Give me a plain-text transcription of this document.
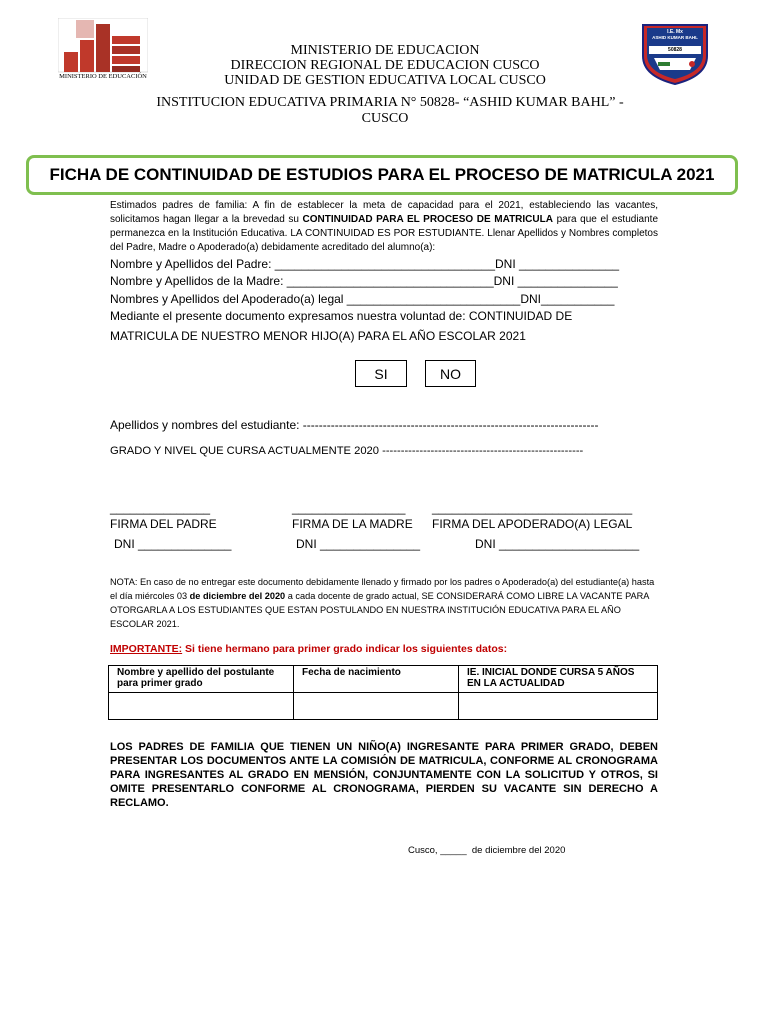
MINISTERIO DE EDUCACIÓN
MINISTERIO DE EDUCACION
DIRECCION REGIONAL DE EDUCACION CUSCO
UNIDAD DE GESTION EDUCATIVA LOCAL CUSCO
INSTITUCION EDUCATIVA PRIMARIA N° 50828- “ASHID KUMAR BAHL” -
CUSCO
I.E. Mx
ASHID KUMAR BAHL
50828
FICHA DE CONTINUIDAD DE ESTUDIOS PARA EL PROCESO DE MATRICULA 2021
Estimados padres de familia: A fin de establecer la meta de capacidad para el 2021, estableciendo las vacantes, solicitamos hagan llegar a la brevedad su CONTINUIDAD PARA EL PROCESO DE MATRICULA para que el estudiante permanezca en la Institución Educativa. LA CONTINUIDAD ES POR ESTUDIANTE. Llenar Apellidos y Nombres completos del Padre, Madre o Apoderado(a) debidamente acreditado del alumno(a):
Nombre y Apellidos del Padre: _________________________________DNI _______________
Nombre y Apellidos de la Madre: _______________________________DNI _______________
Nombres y Apellidos del Apoderado(a) legal __________________________DNI___________
Mediante el presente documento expresamos nuestra voluntad de: CONTINUIDAD DE
MATRICULA DE NUESTRO MENOR HIJO(A) PARA EL AÑO ESCOLAR 2021
SI	NO
Apellidos y nombres del estudiante: --------------------------------------------------------------------------
GRADO Y NIVEL QUE CURSA ACTUALMENTE 2020 ------------------------------------------------------
_______________	_________________ ______________________________
FIRMA DEL PADRE	FIRMA DE LA MADRE FIRMA DEL APODERADO(A) LEGAL
DNI ______________	DNI _______________	DNI _____________________
NOTA: En caso de no entregar este documento debidamente llenado y firmado por los padres o Apoderado(a) del estudiante(a) hasta el día miércoles 03 de diciembre del 2020 a cada docente de grado actual, SE CONSIDERARÁ COMO LIBRE LA VACANTE PARA OTORGARLA A LOS ESTUDIANTES QUE ESTAN POSTULANDO EN NUESTRA INSTITUCIÓN EDUCATIVA PARA EL AÑO ESCOLAR 2021.
IMPORTANTE: Si tiene hermano para primer grado indicar los siguientes datos:
Nombre y apellido del postulante para primer grado	Fecha de nacimiento	IE. INICIAL DONDE CURSA 5 AÑOS EN LA ACTUALIDAD

LOS PADRES DE FAMILIA QUE TIENEN UN NIÑO(A) INGRESANTE PARA PRIMER GRADO, DEBEN PRESENTAR LOS DOCUMENTOS ANTE LA COMISIÓN DE MATRICULA, CONFORME AL CRONOGRAMA PARA INGRESANTES AL GRADO EN MENSIÓN, CONJUNTAMENTE CON LA SOLICITUD Y OTROS, SI OMITE PRESENTARLO CONFORME AL CRONOGRAMA, PIERDEN SU VACANTE SIN DERECHO A RECLAMO.
Cusco, _____  de diciembre del 2020
